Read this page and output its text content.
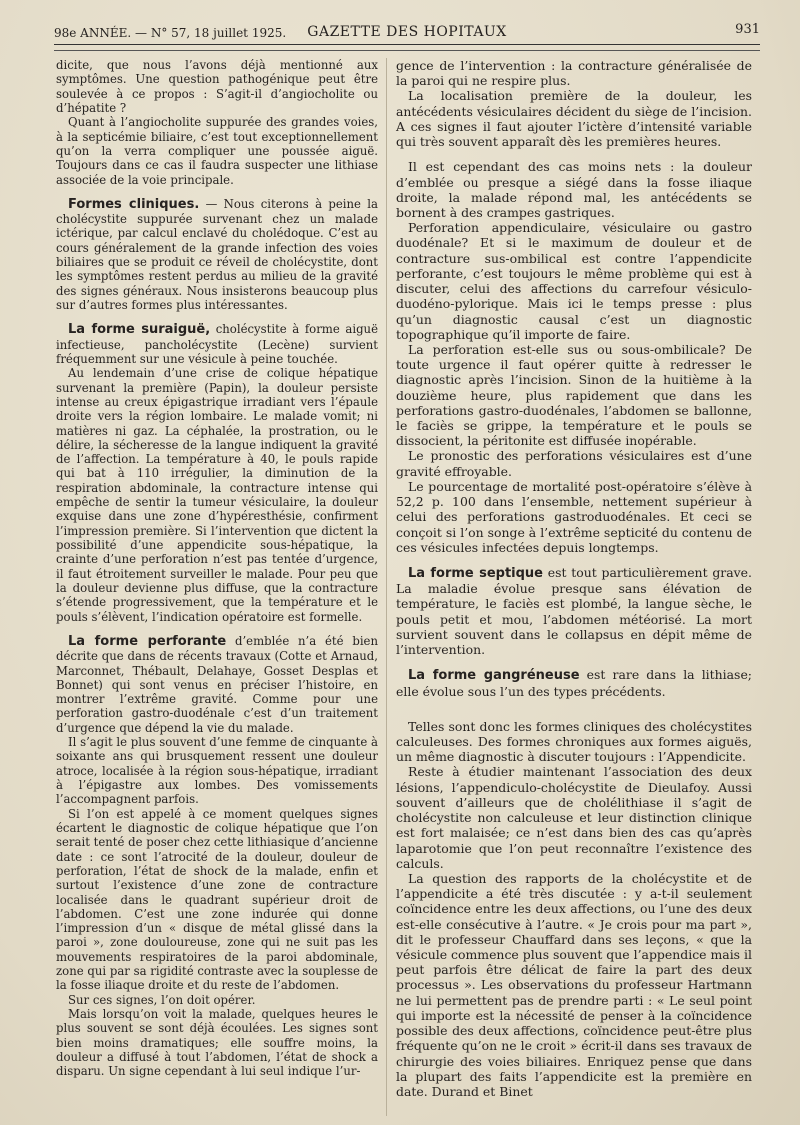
98e ANNÉE. — N° 57, 18 juillet 1925.	GAZETTE DES HOPITAUX	931

dicite, que nous l’avons déjà mentionné aux symptômes. Une question pathogénique peut être soulevée à ce propos : S’agit-il d’angiocholite ou d’hépatite ?

Quant à l’angiocholite suppurée des grandes voies, à la septicémie biliaire, c’est tout exceptionnellement qu’on la verra compliquer une poussée aiguë. Toujours dans ce cas il faudra suspecter une lithiase associée de la voie principale.

Formes cliniques. — Nous citerons à peine la cholécystite suppurée survenant chez un malade ictérique, par calcul enclavé du cholédoque. C’est au cours généralement de la grande infection des voies biliaires que se produit ce réveil de cholécystite, dont les symptômes restent perdus au milieu de la gravité des signes généraux. Nous insisterons beaucoup plus sur d’autres formes plus intéressantes.

La forme suraiguë, cholécystite à forme aiguë infectieuse, pancholécystite (Lecène) survient fréquemment sur une vésicule à peine touchée.

Au lendemain d’une crise de colique hépatique survenant la première (Papin), la douleur persiste intense au creux épigastrique irradiant vers l’épaule droite vers la région lombaire. Le malade vomit; ni matières ni gaz. La céphalée, la prostration, ou le délire, la sécheresse de la langue indiquent la gravité de l’affection. La température à 40, le pouls rapide qui bat à 110 irrégulier, la diminution de la respiration abdominale, la contracture intense qui empêche de sentir la tumeur vésiculaire, la douleur exquise dans une zone d’hypéresthésie, confirment l’impression première. Si l’intervention que dictent la possibilité d’une appendicite sous-hépatique, la crainte d’une perforation n’est pas tentée d’urgence, il faut étroitement surveiller le malade. Pour peu que la douleur devienne plus diffuse, que la contracture s’étende progressivement, que la température et le pouls s’élèvent, l’indication opératoire est formelle.

La forme perforante d’emblée n’a été bien décrite que dans de récents travaux (Cotte et Arnaud, Marconnet, Thébault, Delahaye, Gosset Desplas et Bonnet) qui sont venus en préciser l’histoire, en montrer l’extrême gravité. Comme pour une perforation gastro-duodénale c’est d’un traitement d’urgence que dépend la vie du malade.

Il s’agit le plus souvent d’une femme de cinquante à soixante ans qui brusquement ressent une douleur atroce, localisée à la région sous-hépatique, irradiant à l’épigastre aux lombes. Des vomissements l’accompagnent parfois.

Si l’on est appelé à ce moment quelques signes écartent le diagnostic de colique hépatique que l’on serait tenté de poser chez cette lithiasique d’ancienne date : ce sont l’atrocité de la douleur, douleur de perforation, l’état de shock de la malade, enfin et surtout l’existence d’une zone de contracture localisée dans le quadrant supérieur droit de l’abdomen. C’est une zone indurée qui donne l’impression d’un « disque de métal glissé dans la paroi », zone douloureuse, zone qui ne suit pas les mouvements respiratoires de la paroi abdominale, zone qui par sa rigidité contraste avec la souplesse de la fosse iliaque droite et du reste de l’abdomen.

Sur ces signes, l’on doit opérer.

Mais lorsqu’on voit la malade, quelques heures le plus souvent se sont déjà écoulées. Les signes sont bien moins dramatiques; elle souffre moins, la douleur a diffusé à tout l’abdomen, l’état de shock a disparu. Un signe cependant à lui seul indique l’ur-

gence de l’intervention : la contracture généralisée de la paroi qui ne respire plus.

La localisation première de la douleur, les antécédents vésiculaires décident du siège de l’incision. A ces signes il faut ajouter l’ictère d’intensité variable qui très souvent apparaît dès les premières heures.

Il est cependant des cas moins nets : la douleur d’emblée ou presque a siégé dans la fosse iliaque droite, la malade répond mal, les antécédents se bornent à des crampes gastriques.

Perforation appendiculaire, vésiculaire ou gastro duodénale? Et si le maximum de douleur et de contracture sus-ombilical est contre l’appendicite perforante, c’est toujours le même problème qui est à discuter, celui des affections du carrefour vésiculo-duodéno-pylorique. Mais ici le temps presse : plus qu’un diagnostic causal c’est un diagnostic topographique qu’il importe de faire.

La perforation est-elle sus ou sous-ombilicale? De toute urgence il faut opérer quitte à redresser le diagnostic après l’incision. Sinon de la huitième à la douzième heure, plus rapidement que dans les perforations gastro-duodénales, l’abdomen se ballonne, le faciès se grippe, la température et le pouls se dissocient, la péritonite est diffusée inopérable.

Le pronostic des perforations vésiculaires est d’une gravité effroyable.

Le pourcentage de mortalité post-opératoire s’élève à 52,2 p. 100 dans l’ensemble, nettement supérieur à celui des perforations gastroduodénales. Et ceci se conçoit si l’on songe à l’extrême septicité du contenu de ces vésicules infectées depuis longtemps.

La forme septique est tout particulièrement grave. La maladie évolue presque sans élévation de température, le faciès est plombé, la langue sèche, le pouls petit et mou, l’abdomen météorisé. La mort survient souvent dans le collapsus en dépit même de l’intervention.

La forme gangréneuse est rare dans la lithiase; elle évolue sous l’un des types précédents.

Telles sont donc les formes cliniques des cholécystites calculeuses. Des formes chroniques aux formes aiguës, un même diagnostic à discuter toujours : l’Appendicite.

Reste à étudier maintenant l’association des deux lésions, l’appendiculo-cholécystite de Dieulafoy. Aussi souvent d’ailleurs que de cholélithiase il s’agit de cholécystite non calculeuse et leur distinction clinique est fort malaisée; ce n’est dans bien des cas qu’après laparotomie que l’on peut reconnaître l’existence des calculs.

La question des rapports de la cholécystite et de l’appendicite a été très discutée : y a-t-il seulement coïncidence entre les deux affections, ou l’une des deux est-elle consécutive à l’autre. « Je crois pour ma part », dit le professeur Chauffard dans ses leçons, « que la vésicule commence plus souvent que l’appendice mais il peut parfois être délicat de faire la part des deux processus ». Les observations du professeur Hartmann ne lui permettent pas de prendre parti : « Le seul point qui importe est la nécessité de penser à la coïncidence possible des deux affections, coïncidence peut-être plus fréquente qu’on ne le croit » écrit-il dans ses travaux de chirurgie des voies biliaires. Enriquez pense que dans la plupart des faits l’appendicite est la première en date. Durand et Binet
